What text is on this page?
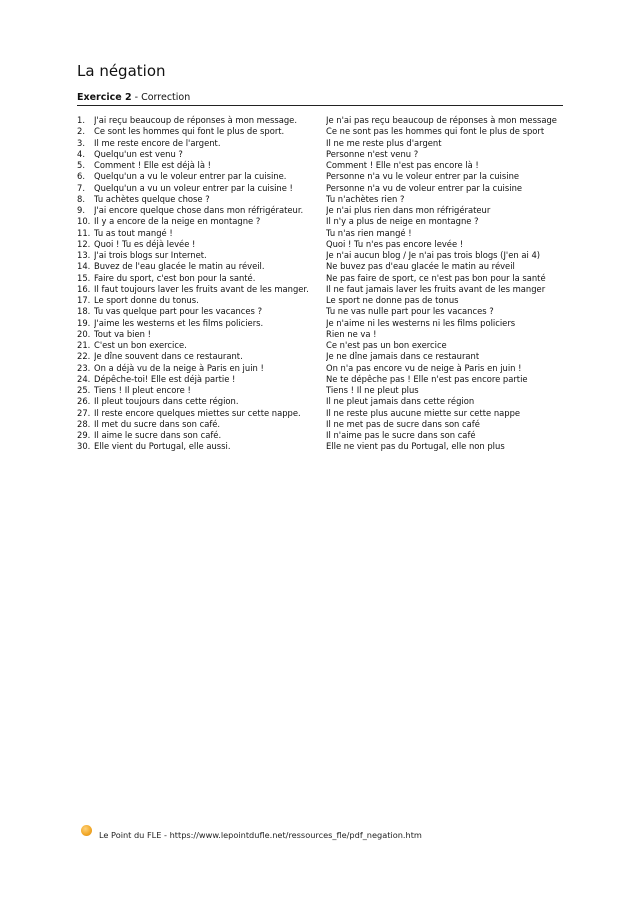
La négation
Exercice 2 - Correction
1.	J'ai reçu beaucoup de réponses à mon message.	Je n'ai pas reçu beaucoup de réponses à mon message
2.	Ce sont les hommes qui font le plus de sport.	Ce ne sont pas les hommes qui font le plus de sport
3.	Il me reste encore de l'argent.	Il ne me reste plus d'argent
4.	Quelqu'un est venu ?	Personne n'est venu ?
5.	Comment ! Elle est déjà là !	Comment ! Elle n'est pas encore là !
6.	Quelqu'un a vu le voleur entrer par la cuisine.	Personne n'a vu le voleur entrer par la cuisine
7.	Quelqu'un a vu un voleur entrer par la cuisine !	Personne n'a vu de voleur entrer par la cuisine
8.	Tu achètes quelque chose ?	Tu n'achètes rien ?
9.	J'ai encore quelque chose dans mon réfrigérateur.	Je n'ai plus rien dans mon réfrigérateur
10. Il y a encore de la neige en montagne ?	Il n'y a plus de neige en montagne ?
11. Tu as tout mangé !	Tu n'as rien mangé !
12. Quoi ! Tu es déjà levée !	Quoi ! Tu n'es pas encore levée !
13. J'ai trois blogs sur Internet.	Je n'ai aucun blog / Je n'ai pas trois blogs (J'en ai 4)
14. Buvez de l'eau glacée le matin au réveil.	Ne buvez pas d'eau glacée le matin au réveil
15. Faire du sport, c'est bon pour la santé.	Ne pas faire de sport, ce n'est pas bon pour la santé
16. Il faut toujours laver les fruits avant de les manger.	Il ne faut jamais laver les fruits avant de les manger
17. Le sport donne du tonus.	Le sport ne donne pas de tonus
18. Tu vas quelque part pour les vacances ?	Tu ne vas nulle part pour les vacances ?
19. J'aime les westerns et les films policiers.	Je n'aime ni les westerns ni les films policiers
20. Tout va bien !	Rien ne va !
21. C'est un bon exercice.	Ce n'est pas un bon exercice
22. Je dîne souvent dans ce restaurant.	Je ne dîne jamais dans ce restaurant
23. On a déjà vu de la neige à Paris en juin !	On n'a pas encore vu de neige à Paris en juin !
24. Dépêche-toi! Elle est déjà partie !	Ne te dépêche pas ! Elle n'est pas encore partie
25. Tiens ! Il pleut encore !	Tiens ! Il ne pleut plus
26. Il pleut toujours dans cette région.	Il ne pleut jamais dans cette région
27. Il reste encore quelques miettes sur cette nappe.	Il ne reste plus aucune miette sur cette nappe
28. Il met du sucre dans son café.	Il ne met pas de sucre dans son café
29. Il aime le sucre dans son café.	Il n'aime pas le sucre dans son café
30. Elle vient du Portugal, elle aussi.	Elle ne vient pas du Portugal, elle non plus
Le Point du FLE - https://www.lepointdufle.net/ressources_fle/pdf_negation.htm
